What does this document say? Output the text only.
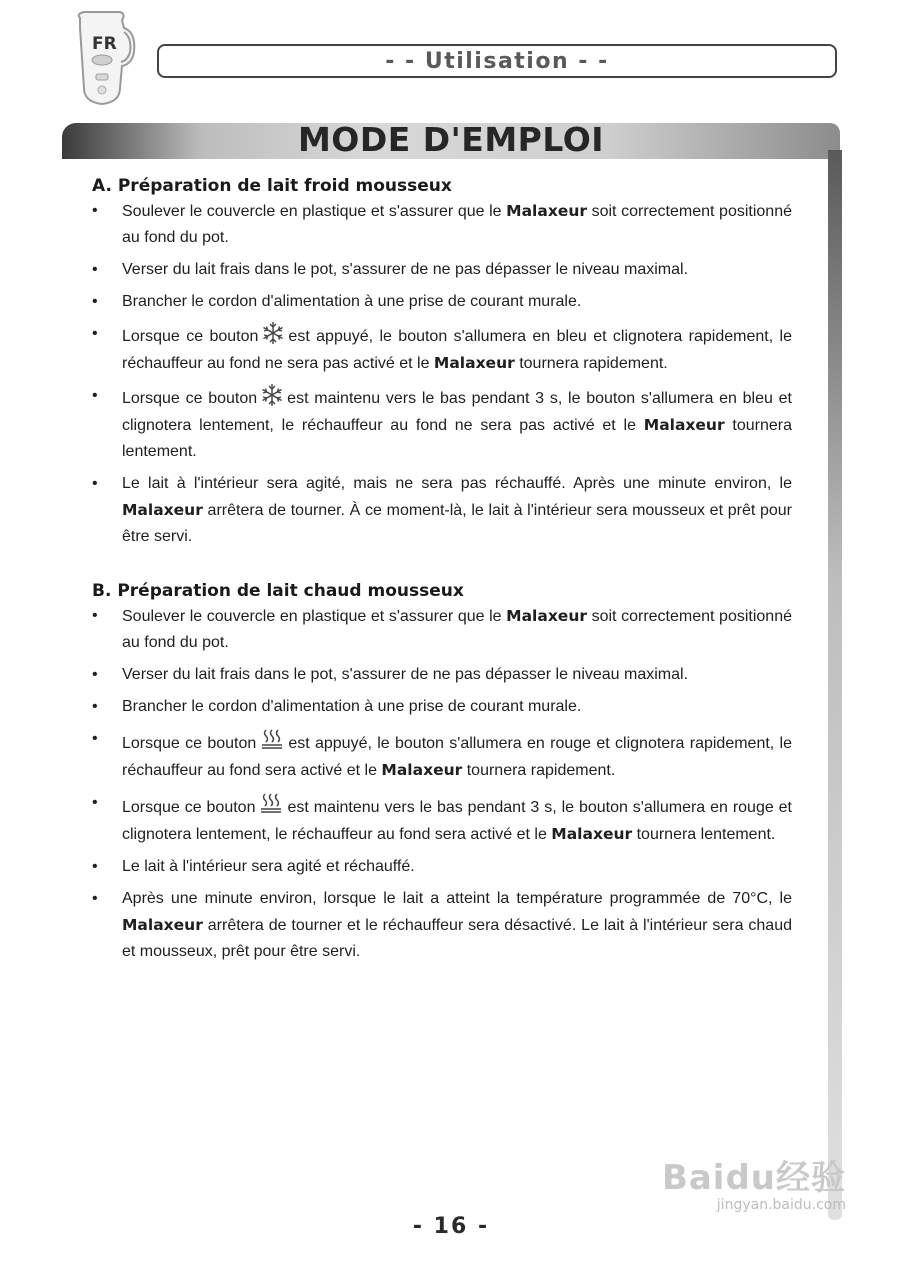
FR
- - Utilisation - -
MODE D'EMPLOI
A. Préparation de lait froid mousseux
• Soulever le couvercle en plastique et s'assurer que le Malaxeur soit correctement positionné au fond du pot.
• Verser du lait frais dans le pot, s'assurer de ne pas dépasser le niveau maximal.
• Brancher le cordon d'alimentation à une prise de courant murale.
• Lorsque ce bouton est appuyé, le bouton s'allumera en bleu et clignotera rapidement, le réchauffeur au fond ne sera pas activé et le Malaxeur tournera rapidement.
• Lorsque ce bouton est maintenu vers le bas pendant 3 s, le bouton s'allumera en bleu et clignotera lentement, le réchauffeur au fond ne sera pas activé et le Malaxeur tournera lentement.
• Le lait à l'intérieur sera agité, mais ne sera pas réchauffé. Après une minute environ, le Malaxeur arrêtera de tourner. À ce moment-là, le lait à l'intérieur sera mousseux et prêt pour être servi.
B. Préparation de lait chaud mousseux
• Soulever le couvercle en plastique et s'assurer que le Malaxeur soit correctement positionné au fond du pot.
• Verser du lait frais dans le pot, s'assurer de ne pas dépasser le niveau maximal.
• Brancher le cordon d'alimentation à une prise de courant murale.
• Lorsque ce bouton est appuyé, le bouton s'allumera en rouge et clignotera rapidement, le réchauffeur au fond sera activé et le Malaxeur tournera rapidement.
• Lorsque ce bouton est maintenu vers le bas pendant 3 s, le bouton s'allumera en rouge et clignotera lentement, le réchauffeur au fond sera activé et le Malaxeur tournera lentement.
• Le lait à l'intérieur sera agité et réchauffé.
• Après une minute environ, lorsque le lait a atteint la température programmée de 70°C, le Malaxeur arrêtera de tourner et le réchauffeur sera désactivé. Le lait à l'intérieur sera chaud et mousseux, prêt pour être servi.
Baidu经验
jingyan.baidu.com
- 16 -
